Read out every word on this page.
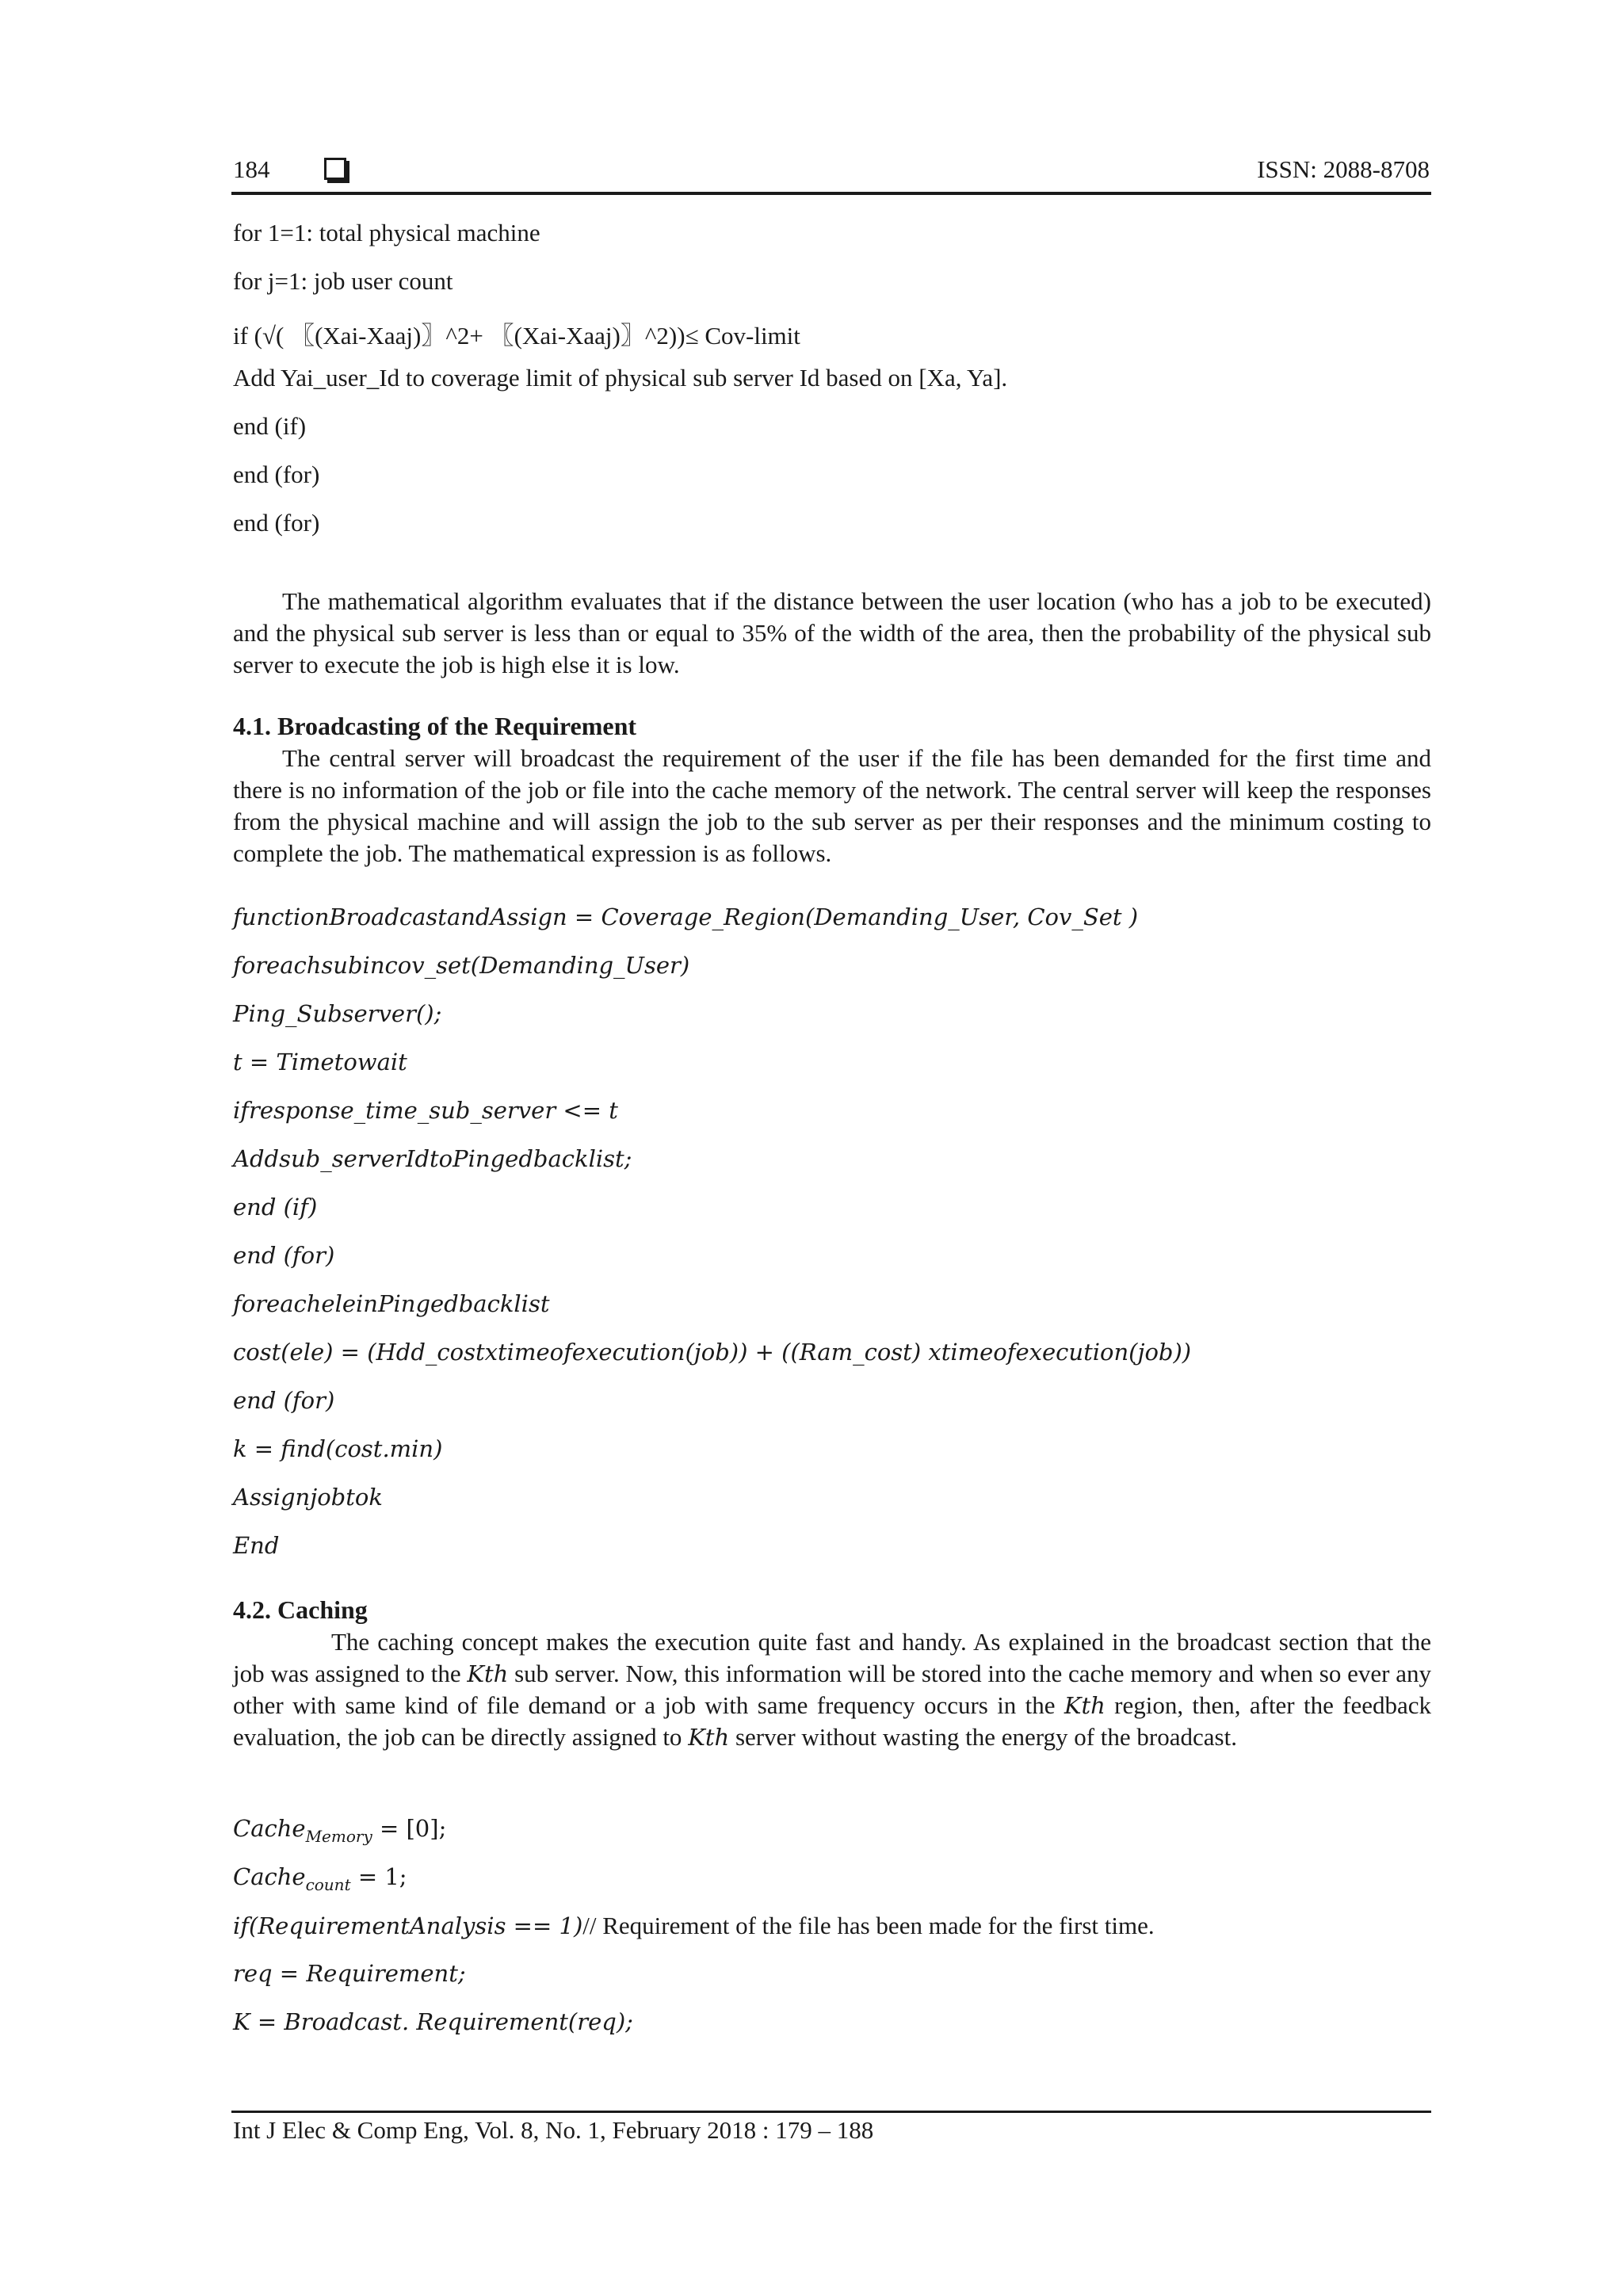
184	ISSN: 2088-8708
for 1=1: total physical machine
for j=1: job user count
if (√( 〖(Xai-Xaaj)〗^2+ 〖(Xai-Xaaj)〗^2))≤ Cov-limit
Add Yai_user_Id to coverage limit of physical sub server Id based on [Xa, Ya].
end (if)
end (for)
end (for)

The mathematical algorithm evaluates that if the distance between the user location (who has a job to be executed) and the physical sub server is less than or equal to 35% of the width of the area, then the probability of the physical sub server to execute the job is high else it is low.

4.1. Broadcasting of the Requirement

The central server will broadcast the requirement of the user if the file has been demanded for the first time and there is no information of the job or file into the cache memory of the network. The central server will keep the responses from the physical machine and will assign the job to the sub server as per their responses and the minimum costing to complete the job. The mathematical expression is as follows.

functionBroadcastandAssign = Coverage_Region(Demanding_User, Cov_Set )
foreachsubincov_set(Demanding_User)
Ping_Subserver();
t = Timetowait
ifresponse_time_sub_server <= t
Addsub_serverIdtoPingedbacklist;
end (if)
end (for)
foreacheleinPingedbacklist
cost(ele) = (Hdd_costxtimeofexecution(job)) + ((Ram_cost) xtimeofexecution(job))
end (for)
k = find(cost.min)
Assignjobtok
End
4.2. Caching

The caching concept makes the execution quite fast and handy. As explained in the broadcast section that the job was assigned to the Kth sub server. Now, this information will be stored into the cache memory and when so ever any other with same kind of file demand or a job with same frequency occurs in the Kth region, then, after the feedback evaluation, the job can be directly assigned to Kth server without wasting the energy of the broadcast.

Cache$_{Memory}$ = [0];
Cache$_{count}$ = 1;
if(RequirementAnalysis == 1)// Requirement of the file has been made for the first time.
req = Requirement;
K = Broadcast. Requirement(req);
Int J Elec & Comp Eng, Vol. 8, No. 1, February 2018 : 179 – 188
